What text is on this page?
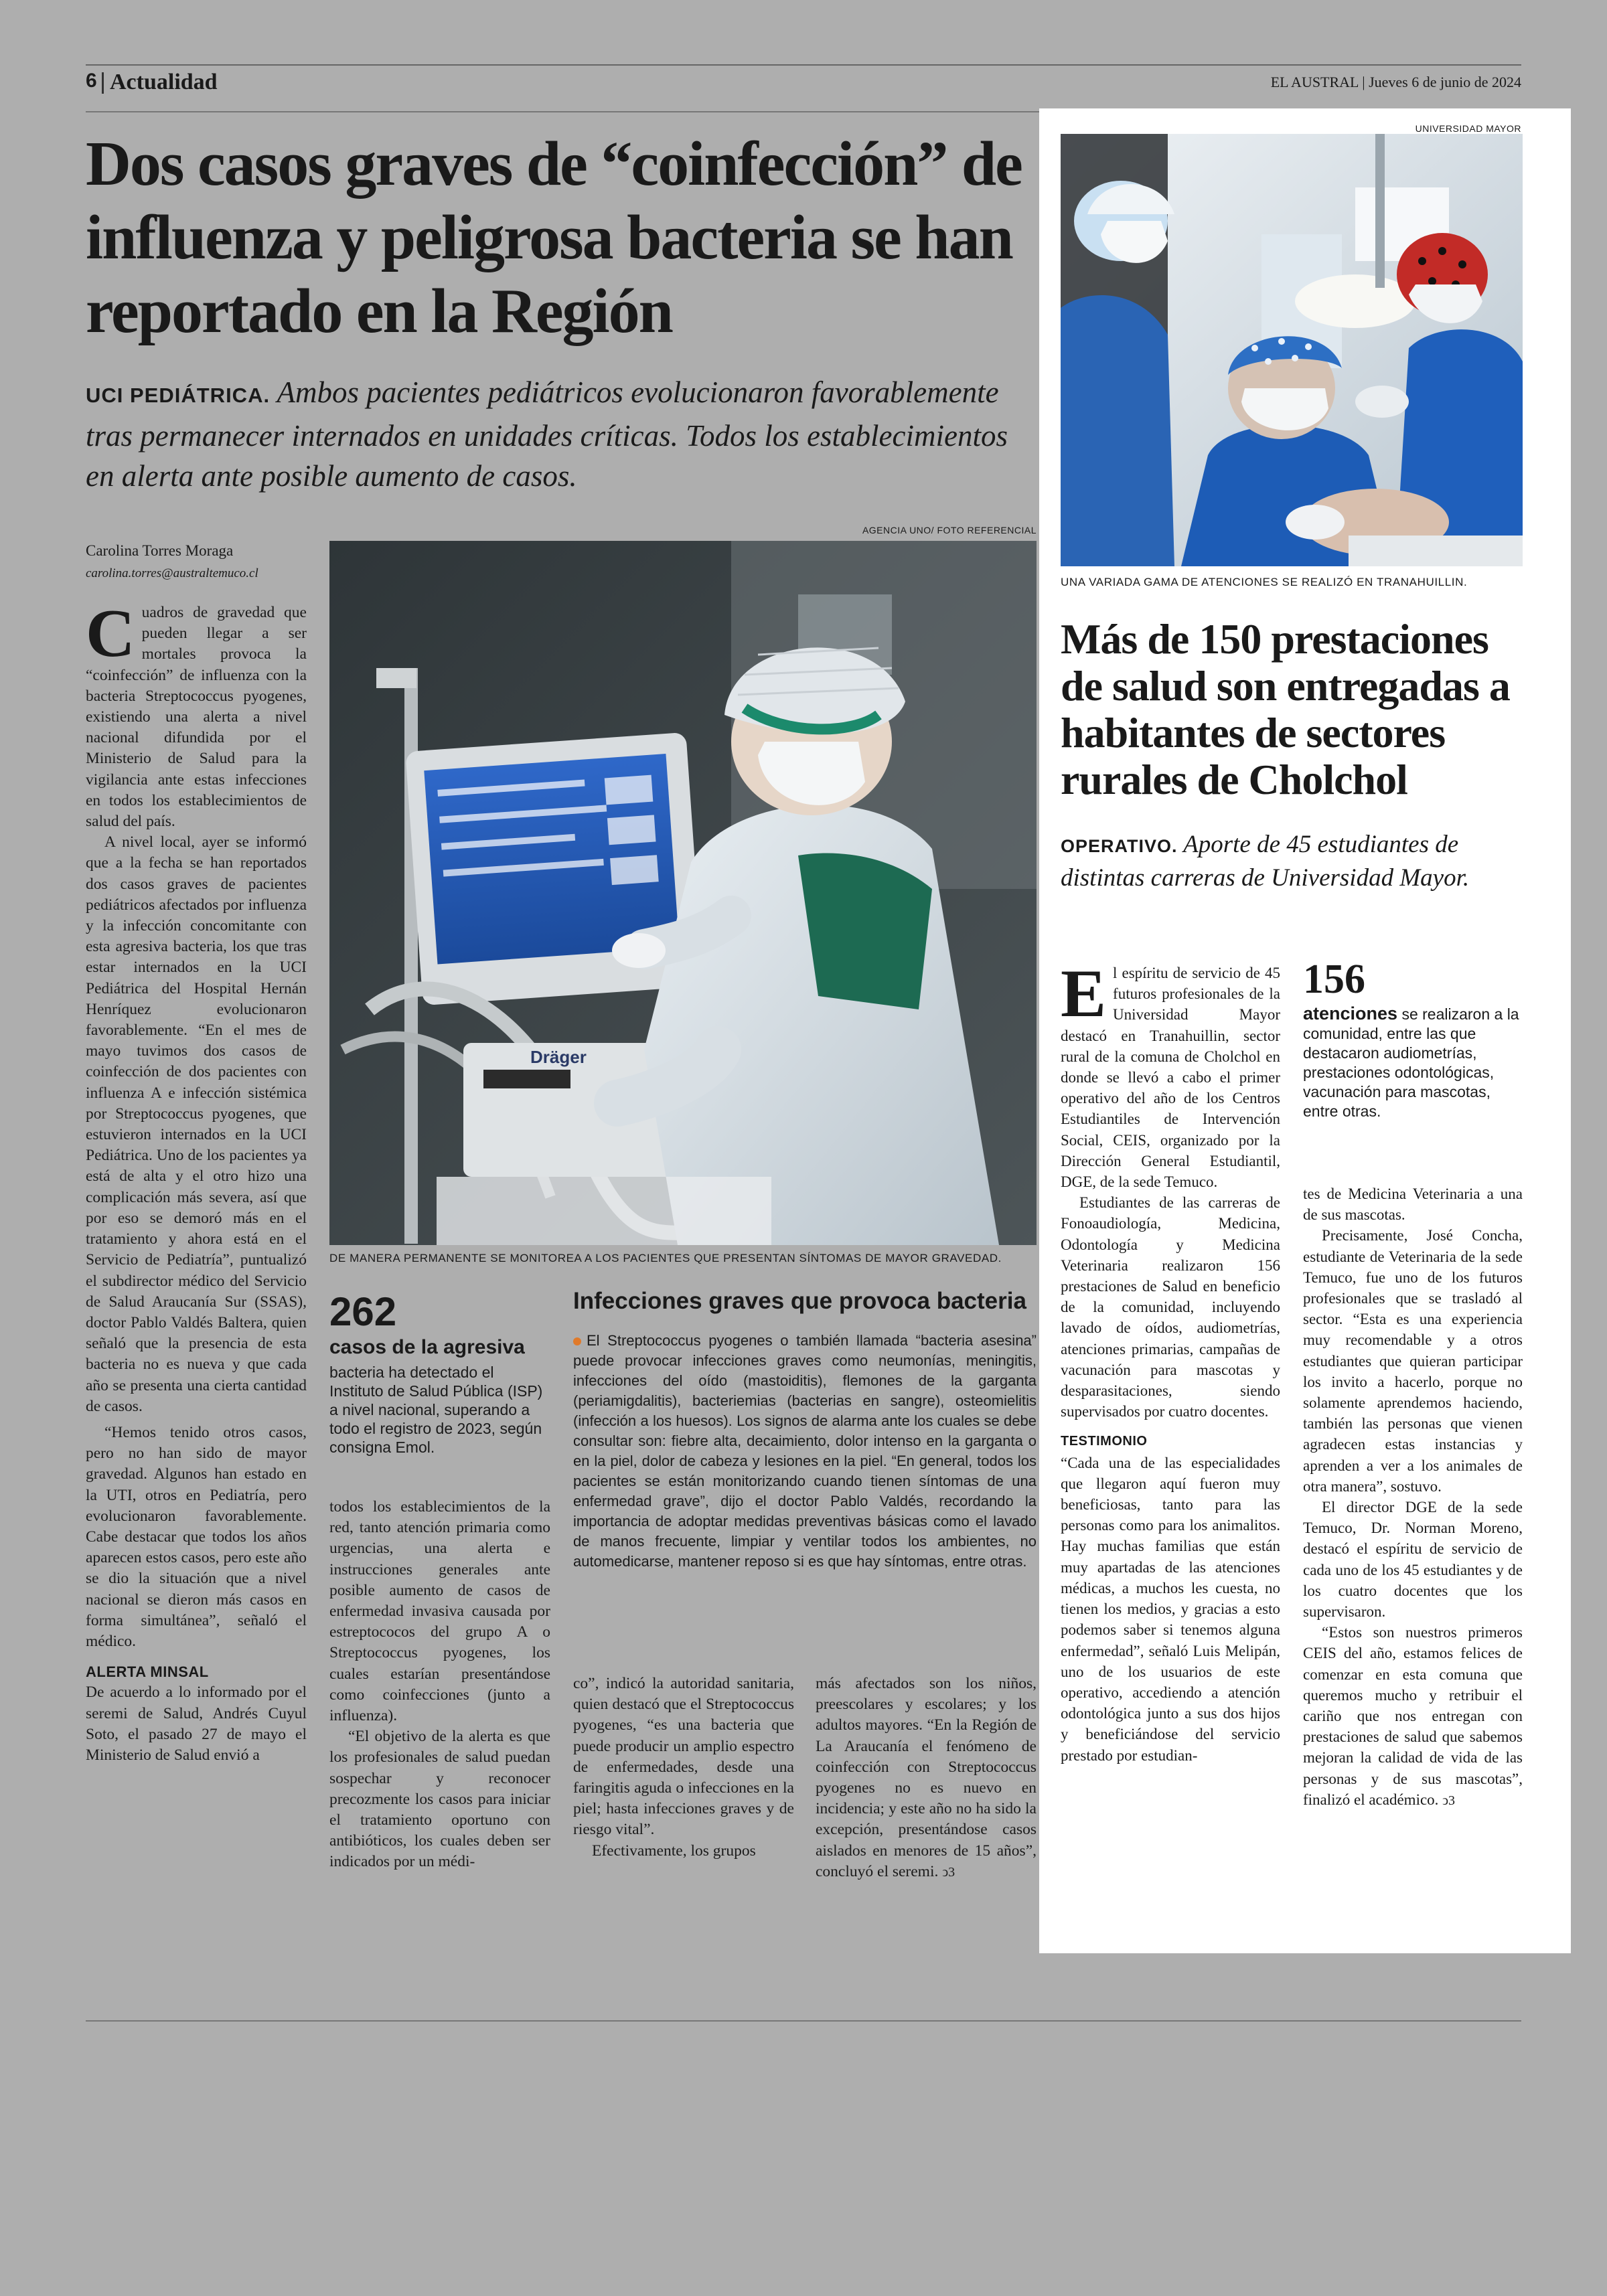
6 Actualidad	EL AUSTRAL | Jueves 6 de junio de 2024
Dos casos graves de “coinfección” de influenza y peligrosa bacteria se han reportado en la Región
UCI PEDIÁTRICA. Ambos pacientes pediátricos evolucionaron favorablemente tras permanecer internados en unidades críticas. Todos los establecimientos en alerta ante posible aumento de casos.
AGENCIA UNO/ FOTO REFERENCIAL
Carolina Torres Moraga
carolina.torres@australtemuco.cl
Dräger
DE MANERA PERMANENTE SE MONITOREA A LOS PACIENTES QUE PRESENTAN SÍNTOMAS DE MAYOR GRAVEDAD.

Cuadros de gravedad que pueden llegar a ser mortales provoca la “coinfección” de influenza con la bacteria Streptococcus pyogenes, existiendo una alerta a nivel nacional difundida por el Ministerio de Salud para la vigilancia ante estas infecciones en todos los establecimientos de salud del país.

A nivel local, ayer se informó que a la fecha se han reportados dos casos graves de pacientes pediátricos afectados por influenza y la infección concomitante con esta agresiva bacteria, los que tras estar internados en la UCI Pediátrica del Hospital Hernán Henríquez evolucionaron favorablemente. “En el mes de mayo tuvimos dos casos de coinfección de dos pacientes con influenza A e infección sistémica por Streptococcus pyogenes, que estuvieron internados en la UCI Pediátrica. Uno de los pacientes ya está de alta y el otro hizo una complicación más severa, así que por eso se demoró más en el tratamiento y ahora está en el Servicio de Pediatría”, puntualizó el subdirector médico del Servicio de Salud Araucanía Sur (SSAS), doctor Pablo Valdés Baltera, quien señaló que la presencia de esta bacteria no es nueva y que cada año se presenta una cierta cantidad de casos.

“Hemos tenido otros casos, pero no han sido de mayor gravedad. Algunos han estado en la UTI, otros en Pediatría, pero evolucionaron favorablemente. Cabe destacar que todos los años aparecen estos casos, pero este año se dio la situación que a nivel nacional se dieron más casos en forma simultánea”, señaló el médico.

ALERTA MINSAL

De acuerdo a lo informado por el seremi de Salud, Andrés Cuyul Soto, el pasado 27 de mayo el Ministerio de Salud envió a

262
casos de la agresiva
bacteria ha detectado el Instituto de Salud Pública (ISP) a nivel nacional, superando a todo el registro de 2023, según consigna Emol.

todos los establecimientos de la red, tanto atención primaria como urgencias, una alerta e instrucciones generales ante posible aumento de casos de enfermedad invasiva causada por estreptococos del grupo A o Streptococcus pyogenes, los cuales estarían presentándose como coinfecciones (junto a influenza).

“El objetivo de la alerta es que los profesionales de salud puedan sospechar y reconocer precozmente los casos para iniciar el tratamiento oportuno con antibióticos, los cuales deben ser indicados por un médi-

Infecciones graves que provoca bacteria
El Streptococcus pyogenes o también llamada “bacteria asesina” puede provocar infecciones graves como neumonías, meningitis, infecciones del oído (mastoiditis), flemones de la garganta (periamigdalitis), bacteriemias (bacterias en sangre), osteomielitis (infección a los huesos). Los signos de alarma ante los cuales se debe consultar son: fiebre alta, decaimiento, dolor intenso en la garganta o en la piel, dolor de cabeza y lesiones en la piel. “En general, todos los pacientes se están monitorizando cuando tienen síntomas de una enfermedad grave”, dijo el doctor Pablo Valdés, recordando la importancia de adoptar medidas preventivas básicas como el lavado de manos frecuente, limpiar y ventilar todos los ambientes, no automedicarse, mantener reposo si es que hay síntomas, entre otras.

co”, indicó la autoridad sanitaria, quien destacó que el Streptococcus pyogenes, “es una bacteria que puede producir un amplio espectro de enfermedades, desde una faringitis aguda o infecciones en la piel; hasta infecciones graves y de riesgo vital”.

Efectivamente, los grupos

más afectados son los niños, preescolares y escolares; y los adultos mayores. “En la Región de La Araucanía el fenómeno de coinfección con Streptococcus pyogenes no es nuevo en incidencia; y este año no ha sido la excepción, presentándose casos aislados en menores de 15 años”, concluyó el seremi. ↄ3

UNIVERSIDAD MAYOR
UNA VARIADA GAMA DE ATENCIONES SE REALIZÓ EN TRANAHUILLIN.
Más de 150 prestaciones de salud son entregadas a habitantes de sectores rurales de Cholchol
OPERATIVO. Aporte de 45 estudiantes de distintas carreras de Universidad Mayor.

El espíritu de servicio de 45 futuros profesionales de la Universidad Mayor destacó en Tranahuillin, sector rural de la comuna de Cholchol en donde se llevó a cabo el primer operativo del año de los Centros Estudiantiles de Intervención Social, CEIS, organizado por la Dirección General Estudiantil, DGE, de la sede Temuco.

Estudiantes de las carreras de Fonoaudiología, Medicina, Odontología y Medicina Veterinaria realizaron 156 prestaciones de Salud en beneficio de la comunidad, incluyendo lavado de oídos, audiometrías, atenciones primarias, campañas de vacunación para mascotas y desparasitaciones, siendo supervisados por cuatro docentes.

TESTIMONIO

“Cada una de las especialidades que llegaron aquí fueron muy beneficiosas, tanto para las personas como para los animalitos. Hay muchas familias que están muy apartadas de las atenciones médicas, a muchos les cuesta, no tienen los medios, y gracias a esto podemos saber si tenemos alguna enfermedad”, señaló Luis Melipán, uno de los usuarios de este operativo, accediendo a atención odontológica junto a sus dos hijos y beneficiándose del servicio prestado por estudian-

156
atenciones se realizaron a la comunidad, entre las que destacaron audiometrías, prestaciones odontológicas, vacunación para mascotas, entre otras.

tes de Medicina Veterinaria a una de sus mascotas.

Precisamente, José Concha, estudiante de Veterinaria de la sede Temuco, fue uno de los futuros profesionales que se trasladó al sector. “Esta es una experiencia muy recomendable y a otros estudiantes que quieran participar los invito a hacerlo, porque no solamente aprendemos haciendo, también las personas que vienen agradecen estas instancias y aprenden a ver a los animales de otra manera”, sostuvo.

El director DGE de la sede Temuco, Dr. Norman Moreno, destacó el espíritu de servicio de cada uno de los 45 estudiantes y de los cuatro docentes que los supervisaron.

“Estos son nuestros primeros CEIS del año, estamos felices de comenzar en esta comuna que queremos mucho y retribuir el cariño que nos entregan con prestaciones de salud que sabemos mejoran la calidad de vida de las personas y de sus mascotas”, finalizó el académico. ↄ3
